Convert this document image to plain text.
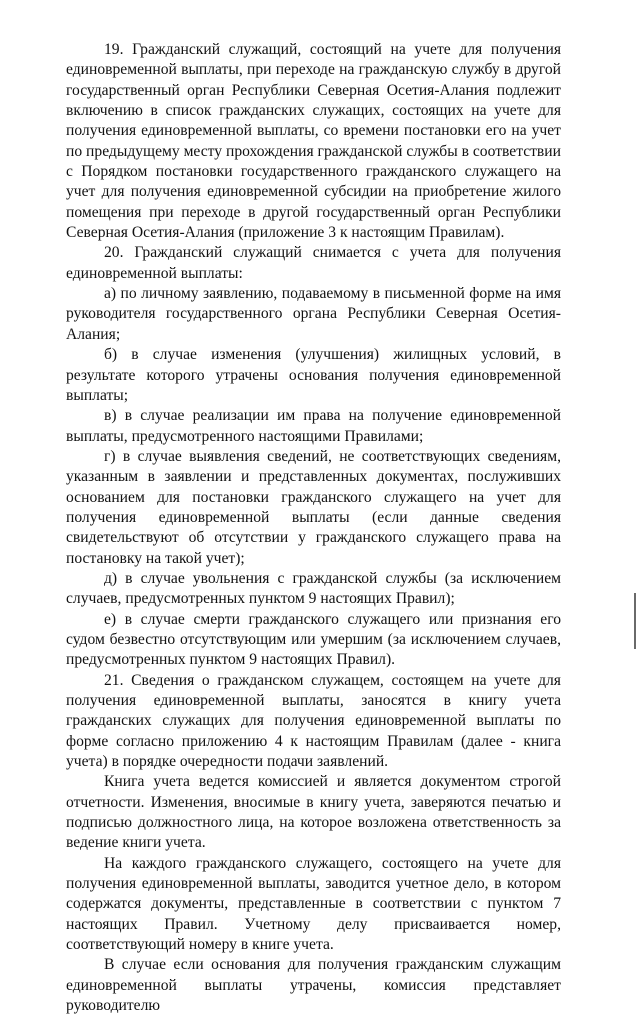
19. Гражданский служащий, состоящий на учете для получения единовременной выплаты, при переходе на гражданскую службу в другой государственный орган Республики Северная Осетия-Алания подлежит включению в список гражданских служащих, состоящих на учете для получения единовременной выплаты, со времени постановки его на учет по предыдущему месту прохождения гражданской службы в соответствии с Порядком постановки государственного гражданского служащего на учет для получения единовременной субсидии на приобретение жилого помещения при переходе в другой государственный орган Республики Северная Осетия-Алания (приложение 3 к настоящим Правилам).

20. Гражданский служащий снимается с учета для получения единовременной выплаты:

а) по личному заявлению, подаваемому в письменной форме на имя руководителя государственного органа Республики Северная Осетия-Алания;

б) в случае изменения (улучшения) жилищных условий, в результате которого утрачены основания получения единовременной выплаты;

в) в случае реализации им права на получение единовременной выплаты, предусмотренного настоящими Правилами;

г) в случае выявления сведений, не соответствующих сведениям, указанным в заявлении и представленных документах, послуживших основанием для постановки гражданского служащего на учет для получения единовременной выплаты (если данные сведения свидетельствуют об отсутствии у гражданского служащего права на постановку на такой учет);

д) в случае увольнения с гражданской службы (за исключением случаев, предусмотренных пунктом 9 настоящих Правил);

е) в случае смерти гражданского служащего или признания его судом безвестно отсутствующим или умершим (за исключением случаев, предусмотренных пунктом 9 настоящих Правил).

21. Сведения о гражданском служащем, состоящем на учете для получения единовременной выплаты, заносятся в книгу учета гражданских служащих для получения единовременной выплаты по форме согласно приложению 4 к настоящим Правилам (далее - книга учета) в порядке очередности подачи заявлений.

Книга учета ведется комиссией и является документом строгой отчетности. Изменения, вносимые в книгу учета, заверяются печатью и подписью должностного лица, на которое возложена ответственность за ведение книги учета.

На каждого гражданского служащего, состоящего на учете для получения единовременной выплаты, заводится учетное дело, в котором содержатся документы, представленные в соответствии с пунктом 7 настоящих Правил. Учетному делу присваивается номер, соответствующий номеру в книге учета.

В случае если основания для получения гражданским служащим единовременной выплаты утрачены, комиссия представляет руководителю
